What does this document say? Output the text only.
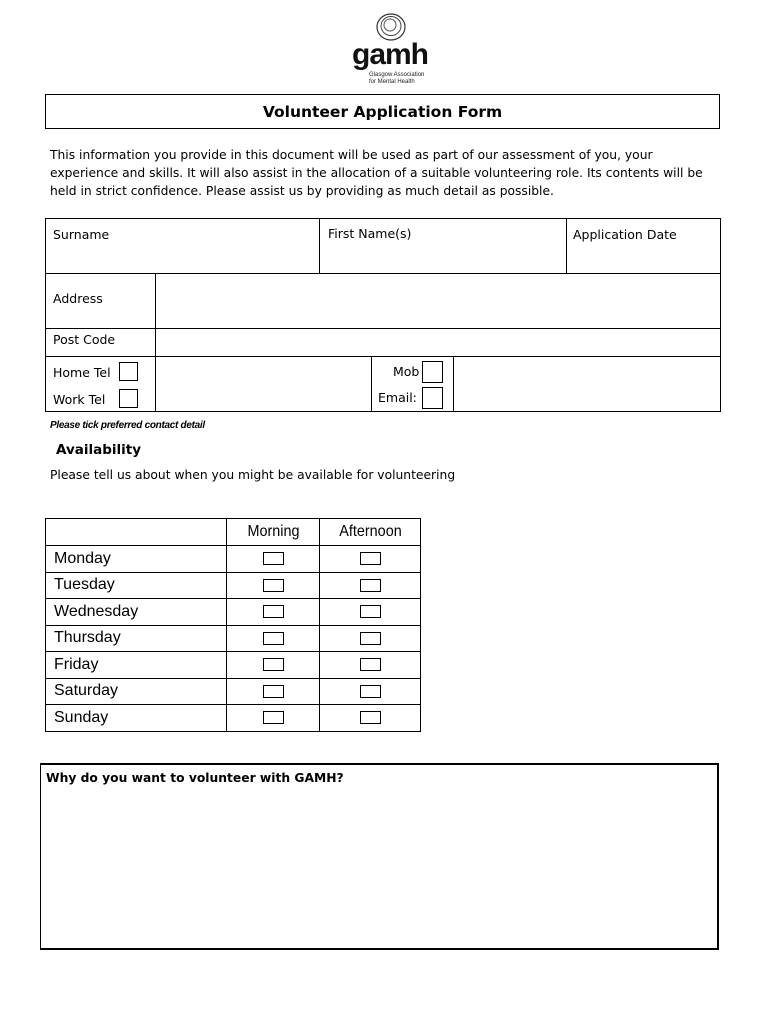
gamh
Glasgow Association
for Mental Health
Volunteer Application Form
This information you provide in this document will be used as part of our assessment of you, your experience and skills. It will also assist in the allocation of a suitable volunteering role. Its contents will be held in strict confidence. Please assist us by providing as much detail as possible.
Surname	First Name(s)	Application Date
Address
Post Code
Home Tel
Work Tel
Mob
Email:
Please tick preferred contact detail
Availability
Please tell us about when you might be available for volunteering
	Morning	Afternoon
Monday		
Tuesday		
Wednesday		
Thursday		
Friday		
Saturday		
Sunday		
Why do you want to volunteer with GAMH?
